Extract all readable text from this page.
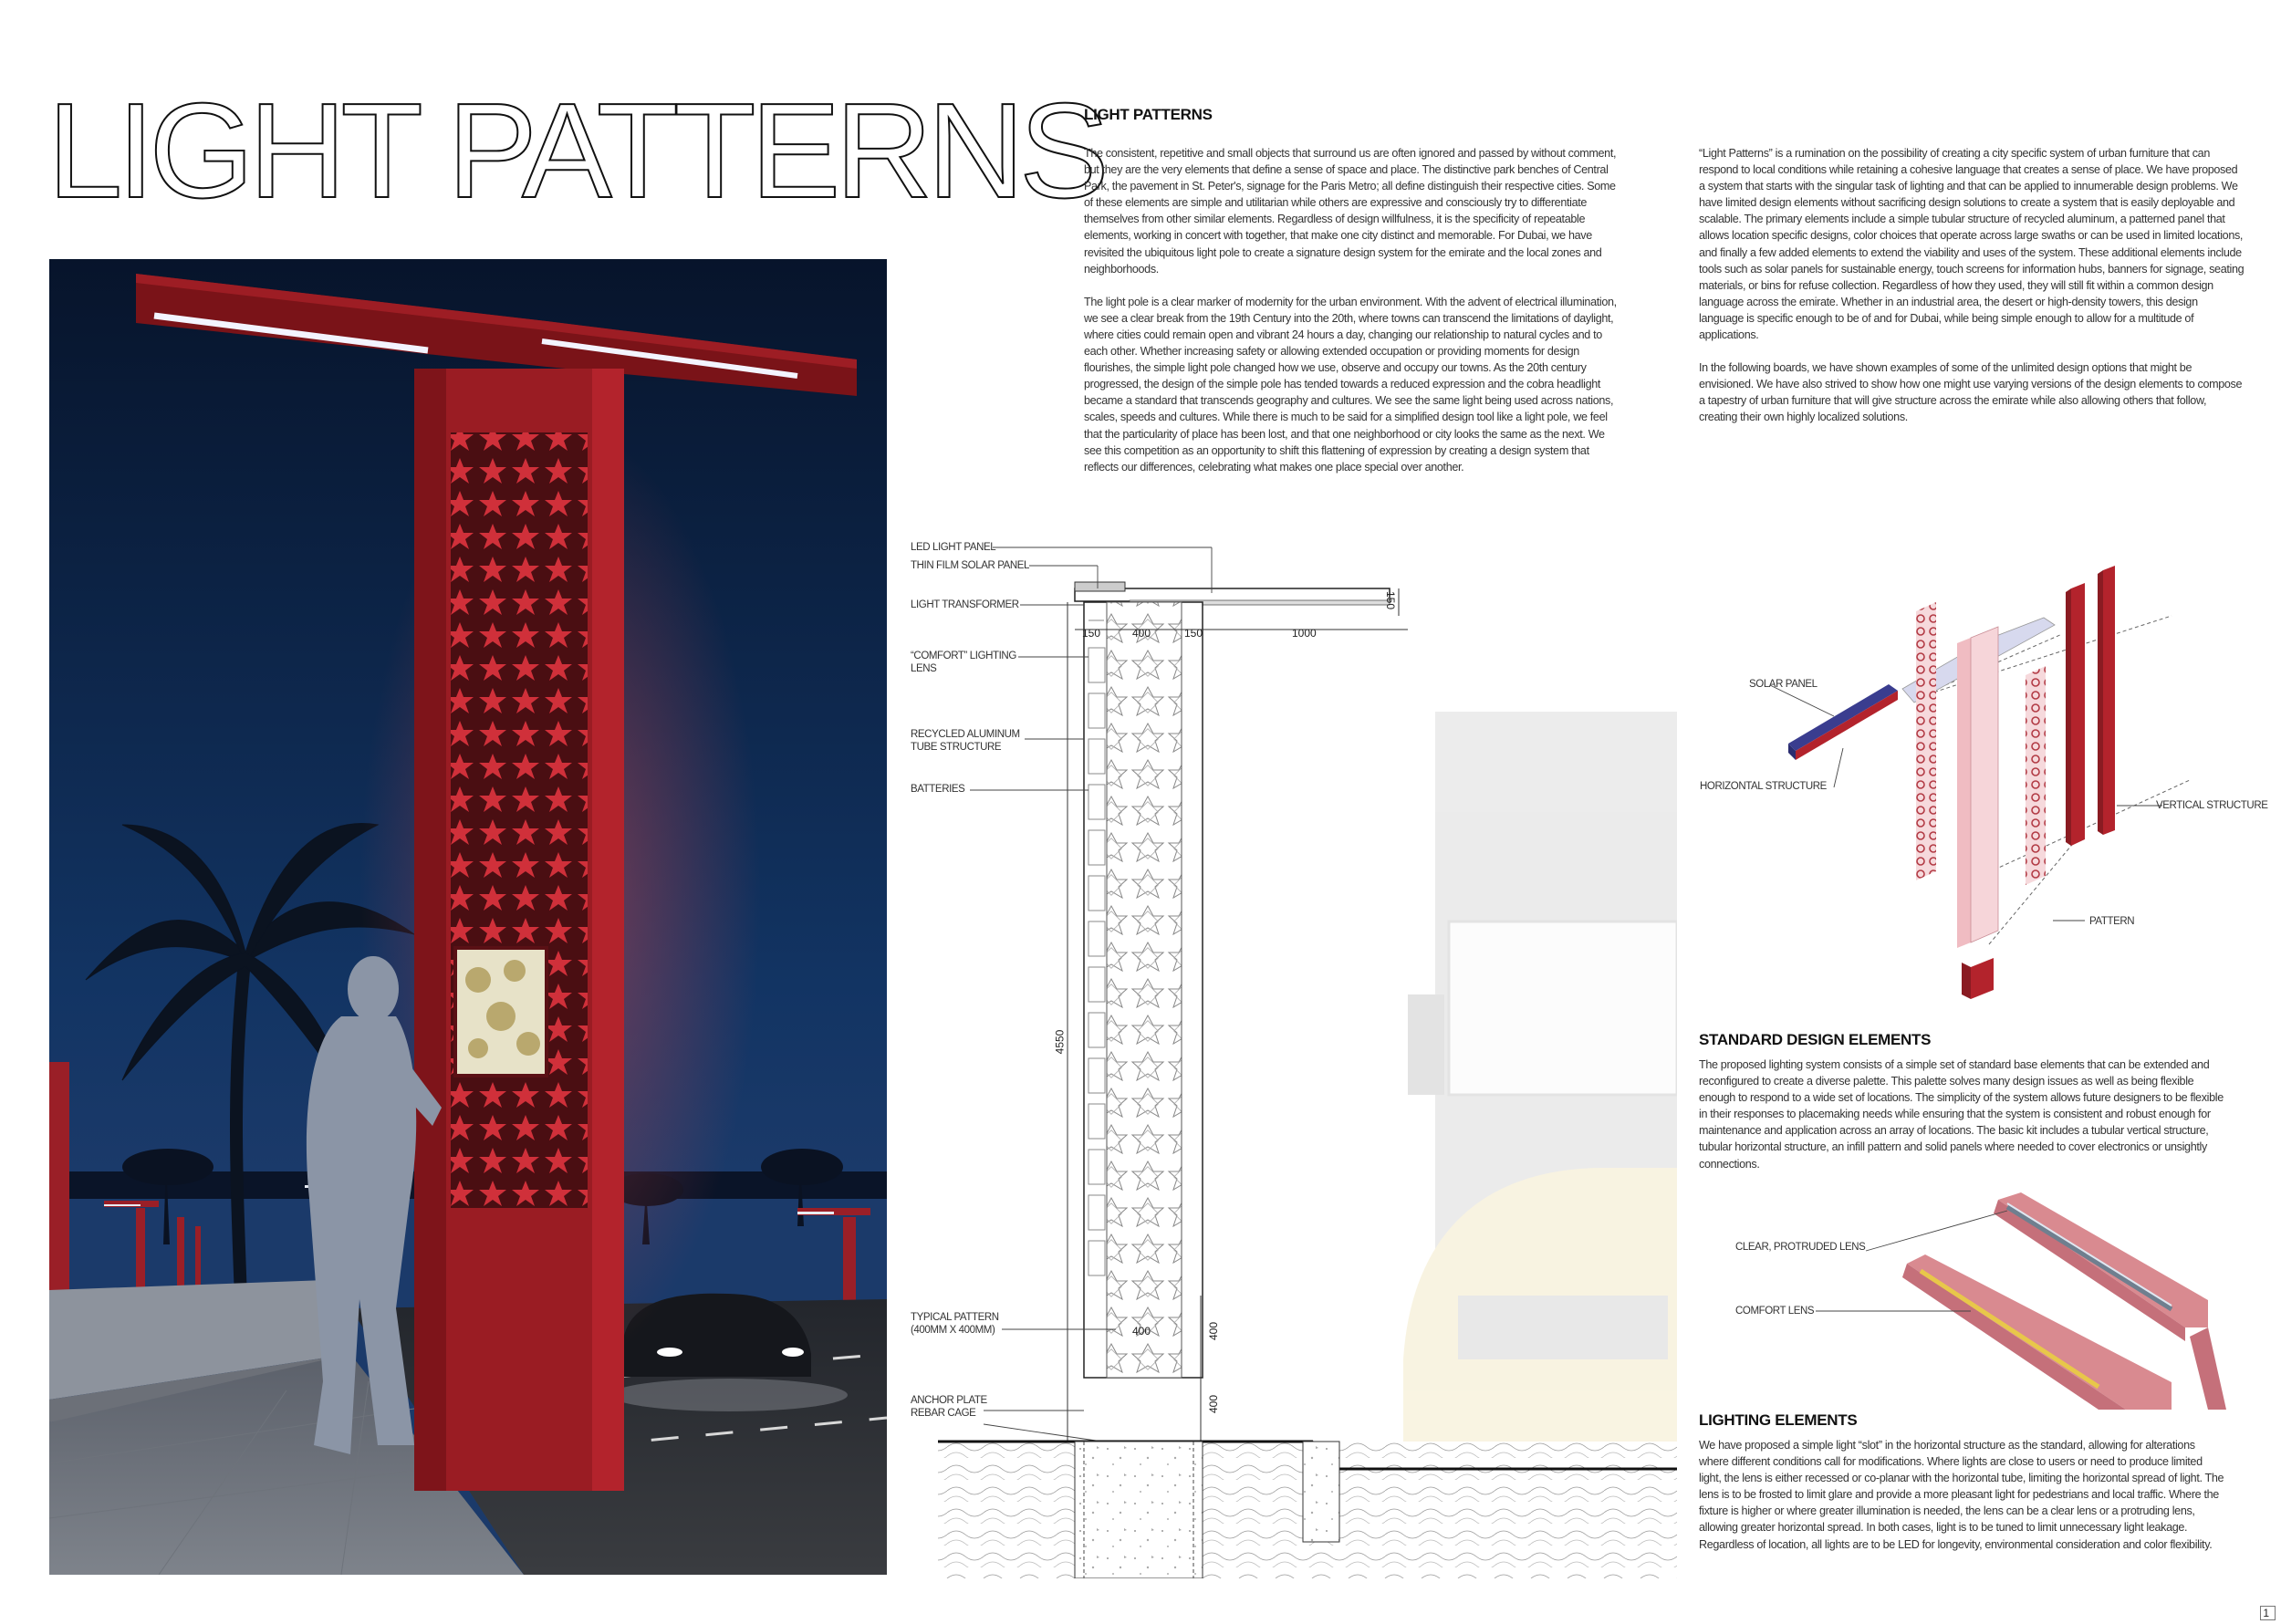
LIGHT PATTERNS
LIGHT PATTERNS

The consistent, repetitive and small objects that surround us are often ignored and passed by without comment, but they are the very elements that define a sense of space and place. The distinctive park benches of Central Park, the pavement in St. Peter's, signage for the Paris Metro; all define distinguish their respective cities. Some of these elements are simple and utilitarian while others are expressive and consciously try to differentiate themselves from other similar elements. Regardless of design willfulness, it is the specificity of repeatable elements, working in concert with together, that make one city distinct and memorable. For Dubai, we have revisited the ubiquitous light pole to create a signature design system for the emirate and the local zones and neighborhoods.

The light pole is a clear marker of modernity for the urban environment. With the advent of electrical illumination, we see a clear break from the 19th Century into the 20th, where towns can transcend the limitations of daylight, where cities could remain open and vibrant 24 hours a day, changing our relationship to natural cycles and to each other. Whether increasing safety or allowing extended occupation or providing moments for design flourishes, the simple light pole changed how we use, observe and occupy our towns. As the 20th century progressed, the design of the simple pole has tended towards a reduced expression and the cobra headlight became a standard that transcends geography and cultures. We see the same light being used across nations, scales, speeds and cultures. While there is much to be said for a simplified design tool like a light pole, we feel that the particularity of place has been lost, and that one neighborhood or city looks the same as the next. We see this competition as an opportunity to shift this flattening of expression by creating a design system that reflects our differences, celebrating what makes one place special over another.

“Light Patterns” is a rumination on the possibility of creating a city specific system of urban furniture that can respond to local conditions while retaining a cohesive language that creates a sense of place. We have proposed a system that starts with the singular task of lighting and that can be applied to innumerable design problems. We have limited design elements without sacrificing design solutions to create a system that is easily deployable and scalable. The primary elements include a simple tubular structure of recycled aluminum, a patterned panel that allows location specific designs, color choices that operate across large swaths or can be used in limited locations, and finally a few added elements to extend the viability and uses of the system. These additional elements include tools such as solar panels for sustainable energy, touch screens for information hubs, banners for signage, seating materials, or bins for refuse collection. Regardless of how they used, they will still fit within a common design language across the emirate. Whether in an industrial area, the desert or high-density towers, this design language is specific enough to be of and for Dubai, while being simple enough to allow for a multitude of applications.

In the following boards, we have shown examples of some of the unlimited design options that might be envisioned. We have also strived to show how one might use varying versions of the design elements to compose a tapestry of urban furniture that will give structure across the emirate while also allowing others that follow, creating their own highly localized solutions.

LED LIGHT PANEL
THIN FILM SOLAR PANEL
LIGHT TRANSFORMER
“COMFORT” LIGHTING
LENS
RECYCLED ALUMINUM
TUBE STRUCTURE
BATTERIES
TYPICAL PATTERN
(400MM X 400MM)
ANCHOR PLATE
REBAR CAGE
150	400	150	1000
150
4550
400	400
400
SOLAR PANEL
HORIZONTAL STRUCTURE
VERTICAL STRUCTURE
PATTERN
STANDARD DESIGN ELEMENTS
The proposed lighting system consists of a simple set of standard base elements that can be extended and reconfigured to create a diverse palette. This palette solves many design issues as well as being flexible enough to respond to a wide set of locations. The simplicity of the system allows future designers to be flexible in their responses to placemaking needs while ensuring that the system is consistent and robust enough for maintenance and application across an array of locations. The basic kit includes a tubular vertical structure, tubular horizontal structure, an infill pattern and solid panels where needed to cover electronics or unsightly connections.
CLEAR, PROTRUDED LENS
COMFORT LENS
LIGHTING ELEMENTS
We have proposed a simple light “slot” in the horizontal structure as the standard, allowing for alterations where different conditions call for modifications. Where lights are close to users or need to produce limited light, the lens is either recessed or co-planar with the horizontal tube, limiting the horizontal spread of light. The lens is to be frosted to limit glare and provide a more pleasant light for pedestrians and local traffic. Where the fixture is higher or where greater illumination is needed, the lens can be a clear lens or a protruding lens, allowing greater horizontal spread. In both cases, light is to be tuned to limit unnecessary light leakage. Regardless of location, all lights are to be LED for longevity, environmental consideration and color flexibility.
1
